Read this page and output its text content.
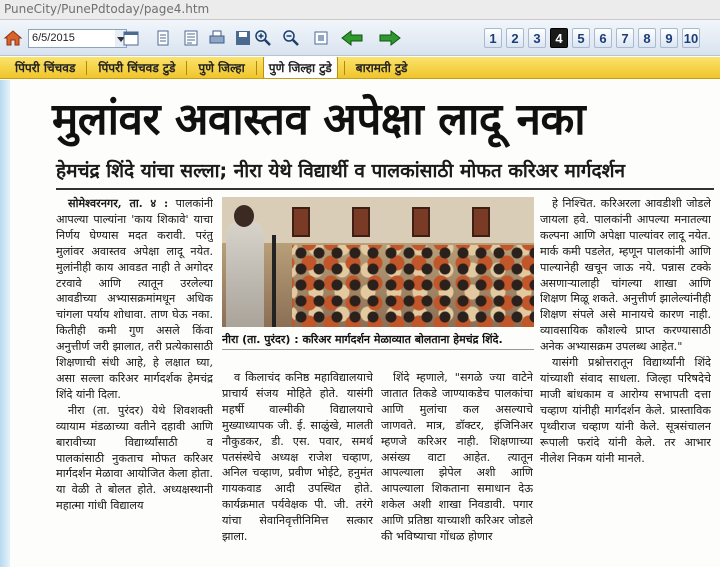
PuneCity/PunePdtoday/page4.htm
6/5/2015	1	2	3	4	5	6	7	8	9 10
पिंपरी चिंचवड	पिंपरी चिंचवड टुडे	पुणे जिल्हा	पुणे जिल्हा टुडे	बारामती टुडे
मुलांवर अवास्तव अपेक्षा लादू नका
हेमचंद्र शिंदे यांचा सल्ला; नीरा येथे विद्यार्थी व पालकांसाठी मोफत करिअर मार्गदर्शन

सोमेश्वरनगर, ता. ४ : पालकांनी आपल्या पाल्यांना 'काय शिकावे' याचा निर्णय घेण्यास मदत करावी. परंतु मुलांवर अवास्तव अपेक्षा लादू नयेत. मुलांनीही काय आवडत नाही ते अगोदर टरवावे आणि त्यातून उरलेल्या आवडीच्या अभ्यासक्रमांमधून अधिक चांगला पर्याय शोधावा. ताण घेऊ नका. कितीही कमी गुण असले किंवा अनुत्तीर्ण जरी झालात, तरी प्रत्येकासाठी शिक्षणाची संधी आहे, हे लक्षात घ्या, असा सल्ला करिअर मार्गदर्शक हेमचंद्र शिंदे यांनी दिला.

नीरा (ता. पुरंदर) येथे शिवशक्ती व्यायाम मंडळाच्या वतीने दहावी आणि बारावीच्या विद्यार्थ्यांसाठी व पालकांसाठी नुकताच मोफत करिअर मार्गदर्शन मेळावा आयोजित केला होता. या वेळी ते बोलत होते. अध्यक्षस्थानी महात्मा गांधी विद्यालय

नीरा (ता. पुरंदर) : करिअर मार्गदर्शन मेळाव्यात बोलताना हेमचंद्र शिंदे.

व किलाचंद कनिष्ठ महाविद्यालयाचे प्राचार्य संजय मोहिते होते. यासंगी महर्षी वाल्मीकी विद्यालयाचे मुख्याध्यापक जी. ई. साळुंखे, मालती नौकुडकर, डी. एस. पवार, समर्थ पतसंस्थेचे अध्यक्ष राजेश चव्हाण, अनिल चव्हाण, प्रवीण भोईटे, हनुमंत गायकवाड आदी उपस्थित होते. कार्यक्रमात पर्यवेक्षक पी. जी. तरंगे यांचा सेवानिवृत्तीनिमित्त सत्कार झाला.

शिंदे म्हणाले, "सगळे ज्या वाटेने जातात तिकडे जाण्याकडेच पालकांचा आणि मुलांचा कल असल्याचे जाणवते. मात्र, डॉक्टर, इंजिनिअर म्हणजे करिअर नाही. शिक्षणाच्या असंख्य वाटा आहेत. त्यातून आपल्याला झेपेल अशी आणि आपल्याला शिकताना समाधान देऊ शकेल अशी शाखा निवडावी. पगार आणि प्रतिष्ठा याच्याशी करिअर जोडले की भविष्याचा गोंधळ होणार

हे निश्चित. करिअरला आवडीशी जोडले जायला हवे. पालकांनी आपल्या मनातल्या कल्पना आणि अपेक्षा पाल्यांवर लादू नयेत. मार्क कमी पडलेत, म्हणून पालकांनी आणि पाल्यानेही खचून जाऊ नये. पन्नास टक्के असणाऱ्यालाही चांगल्या शाखा आणि शिक्षण मिळू शकते. अनुत्तीर्ण झालेल्यांनीही शिक्षण संपले असे मानायचे कारण नाही. व्यावसायिक कौशल्ये प्राप्त करण्यासाठी अनेक अभ्यासक्रम उपलब्ध आहेत."

यासंगी प्रश्नोत्तरातून विद्यार्थ्यांनी शिंदे यांच्याशी संवाद साधला. जिल्हा परिषदेचे माजी बांधकाम व आरोग्य सभापती दत्ता चव्हाण यांनीही मार्गदर्शन केले. प्रास्ताविक पृथ्वीराज चव्हाण यांनी केले. सूत्रसंचालन रूपाली फरांदे यांनी केले. तर आभार नीलेश निकम यांनी मानले.
